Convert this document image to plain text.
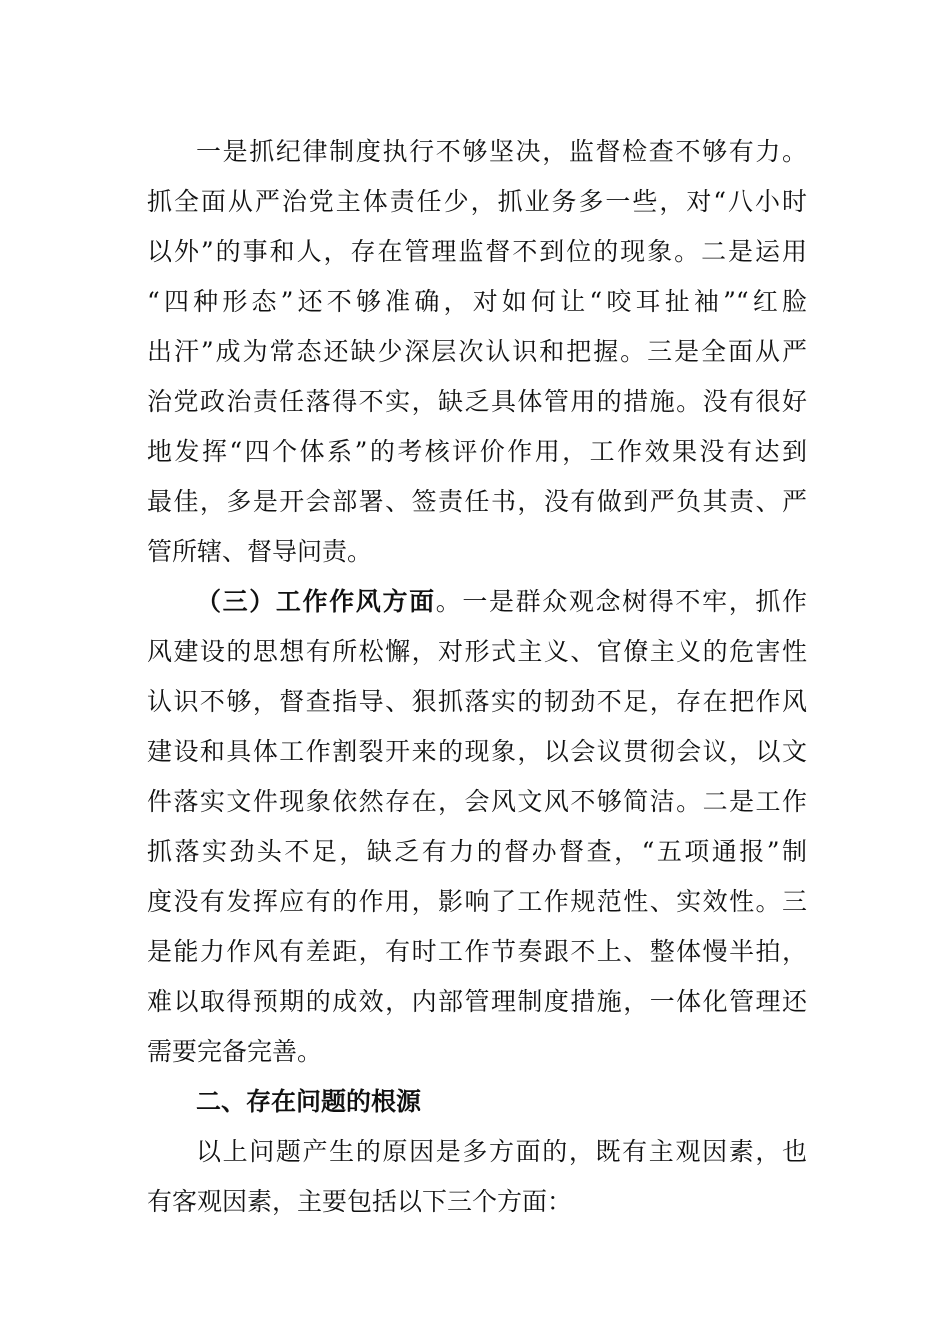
一是抓纪律制度执行不够坚决，监督检查不够有力。
抓全面从严治党主体责任少，抓业务多一些，对“八小时
以外”的事和人，存在管理监督不到位的现象。二是运用
“四种形态”还不够准确，对如何让“咬耳扯袖”“红脸
出汗”成为常态还缺少深层次认识和把握。三是全面从严
治党政治责任落得不实，缺乏具体管用的措施。没有很好
地发挥“四个体系”的考核评价作用，工作效果没有达到
最佳，多是开会部署、签责任书，没有做到严负其责、严
管所辖、督导问责。
（三）工作作风方面。一是群众观念树得不牢，抓作
风建设的思想有所松懈，对形式主义、官僚主义的危害性
认识不够，督查指导、狠抓落实的韧劲不足，存在把作风
建设和具体工作割裂开来的现象，以会议贯彻会议，以文
件落实文件现象依然存在，会风文风不够简洁。二是工作
抓落实劲头不足，缺乏有力的督办督查，“五项通报”制
度没有发挥应有的作用，影响了工作规范性、实效性。三
是能力作风有差距，有时工作节奏跟不上、整体慢半拍，
难以取得预期的成效，内部管理制度措施，一体化管理还
需要完备完善。
二、存在问题的根源
以上问题产生的原因是多方面的，既有主观因素，也
有客观因素，主要包括以下三个方面：
